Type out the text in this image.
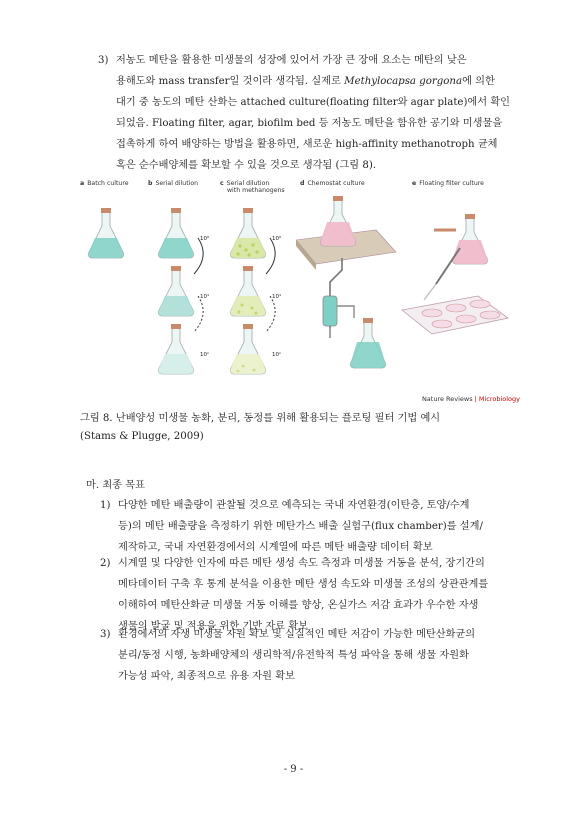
3) 저농도 메탄을 활용한 미생물의 성장에 있어서 가장 큰 장애 요소는 메탄의 낮은
용해도와 mass transfer일 것이라 생각됨. 실제로 Methylocapsa gorgona에 의한
대기 중 농도의 메탄 산화는 attached culture(floating filter와 agar plate)에서 확인
되었음. Floating filter, agar, biofilm bed 등 저농도 메탄을 함유한 공기와 미생물을
접촉하게 하여 배양하는 방법을 활용하면, 새로운 high-affinity methanotroph 균체
혹은 순수배양체를 확보할 수 있을 것으로 생각됨 (그림 8).
a Batch culture	b Serial dilution	c Serial dilution
with methanogens
d Chemostat culture	e Floating filter culture
10⁰
10¹
10ⁿ
10⁰
10¹
10ⁿ
Nature Reviews | Microbiology
그림 8. 난배양성 미생물 농화, 분리, 동정를 위해 활용되는 플로팅 필터 기법 예시
(Stams & Plugge, 2009)
마. 최종 목표
1) 다양한 메탄 배출량이 관찰될 것으로 예측되는 국내 자연환경(이탄층, 토양/수계
등)의 메탄 배출량을 측정하기 위한 메탄가스 배출 실험구(flux chamber)를 설계/
제작하고, 국내 자연환경에서의 시계열에 따른 메탄 배출량 데이터 확보
2) 시계열 및 다양한 인자에 따른 메탄 생성 속도 측정과 미생물 거동을 분석, 장기간의
메타데이터 구축 후 통계 분석을 이용한 메탄 생성 속도와 미생물 조성의 상관관계를
이해하여 메탄산화균 미생물 거동 이해를 향상, 온실가스 저감 효과가 우수한 자생
생물의 발굴 및 적용을 위한 기반 자료 확보
3) 환경에서의 자생 미생물 자원 확보 및 실질적인 메탄 저감이 가능한 메탄산화균의
분리/동정 시행, 농화배양체의 생리학적/유전학적 특성 파악을 통해 생물 자원화
가능성 파악, 최종적으로 유용 자원 확보
- 9 -
